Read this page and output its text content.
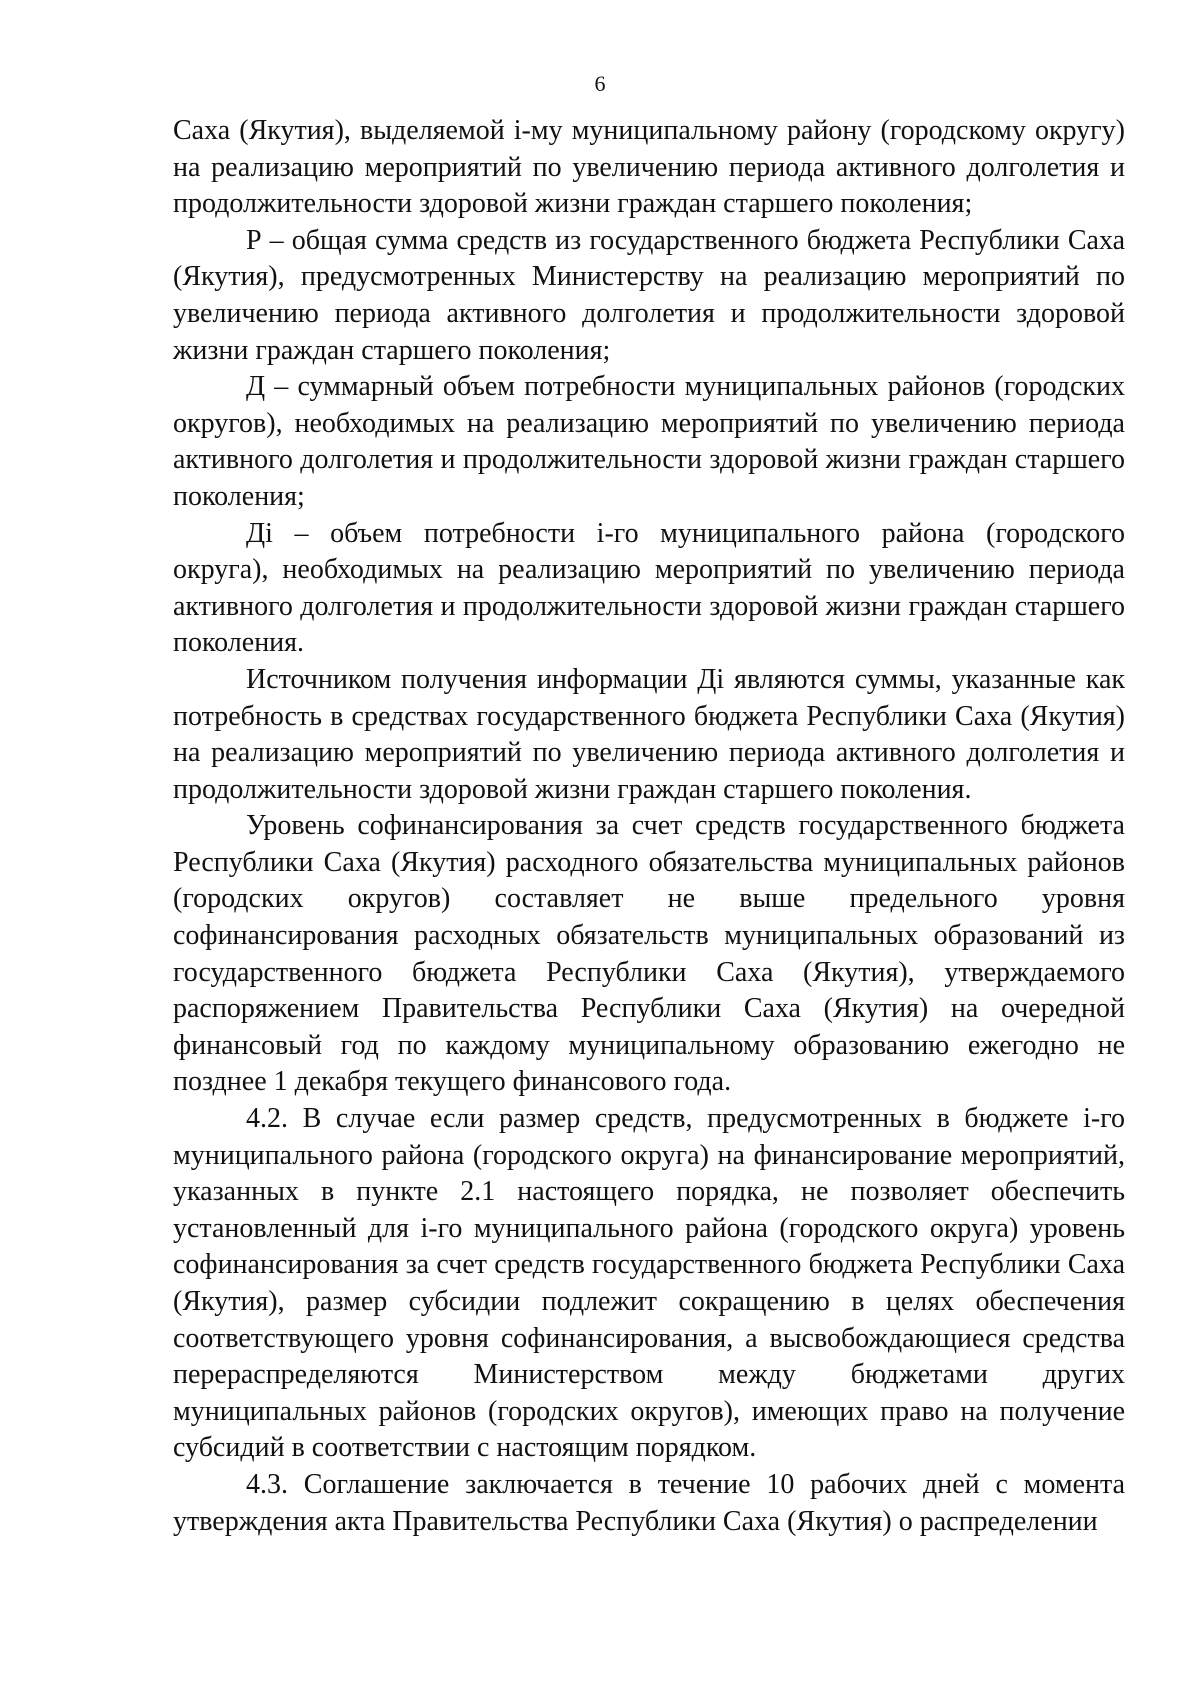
6

Саха (Якутия), выделяемой i-му муниципальному району (городскому округу) на реализацию мероприятий по увеличению периода активного долголетия и продолжительности здоровой жизни граждан старшего поколения;

Р – общая сумма средств из государственного бюджета Республики Саха (Якутия), предусмотренных Министерству на реализацию мероприятий по увеличению периода активного долголетия и продолжительности здоровой жизни граждан старшего поколения;

Д – суммарный объем потребности муниципальных районов (городских округов), необходимых на реализацию мероприятий по увеличению периода активного долголетия и продолжительности здоровой жизни граждан старшего поколения;

Дi – объем потребности i-го муниципального района (городского округа), необходимых на реализацию мероприятий по увеличению периода активного долголетия и продолжительности здоровой жизни граждан старшего поколения.

Источником получения информации Дi являются суммы, указанные как потребность в средствах государственного бюджета Республики Саха (Якутия) на реализацию мероприятий по увеличению периода активного долголетия и продолжительности здоровой жизни граждан старшего поколения.

Уровень софинансирования за счет средств государственного бюджета Республики Саха (Якутия) расходного обязательства муниципальных районов (городских округов) составляет не выше предельного уровня софинансирования расходных обязательств муниципальных образований из государственного бюджета Республики Саха (Якутия), утверждаемого распоряжением Правительства Республики Саха (Якутия) на очередной финансовый год по каждому муниципальному образованию ежегодно не позднее 1 декабря текущего финансового года.

4.2. В случае если размер средств, предусмотренных в бюджете i-го муниципального района (городского округа) на финансирование мероприятий, указанных в пункте 2.1 настоящего порядка, не позволяет обеспечить установленный для i-го муниципального района (городского округа) уровень софинансирования за счет средств государственного бюджета Республики Саха (Якутия), размер субсидии подлежит сокращению в целях обеспечения соответствующего уровня софинансирования, а высвобождающиеся средства перераспределяются Министерством между бюджетами других муниципальных районов (городских округов), имеющих право на получение субсидий в соответствии с настоящим порядком.

4.3. Соглашение заключается в течение 10 рабочих дней с момента утверждения акта Правительства Республики Саха (Якутия) о распределении
